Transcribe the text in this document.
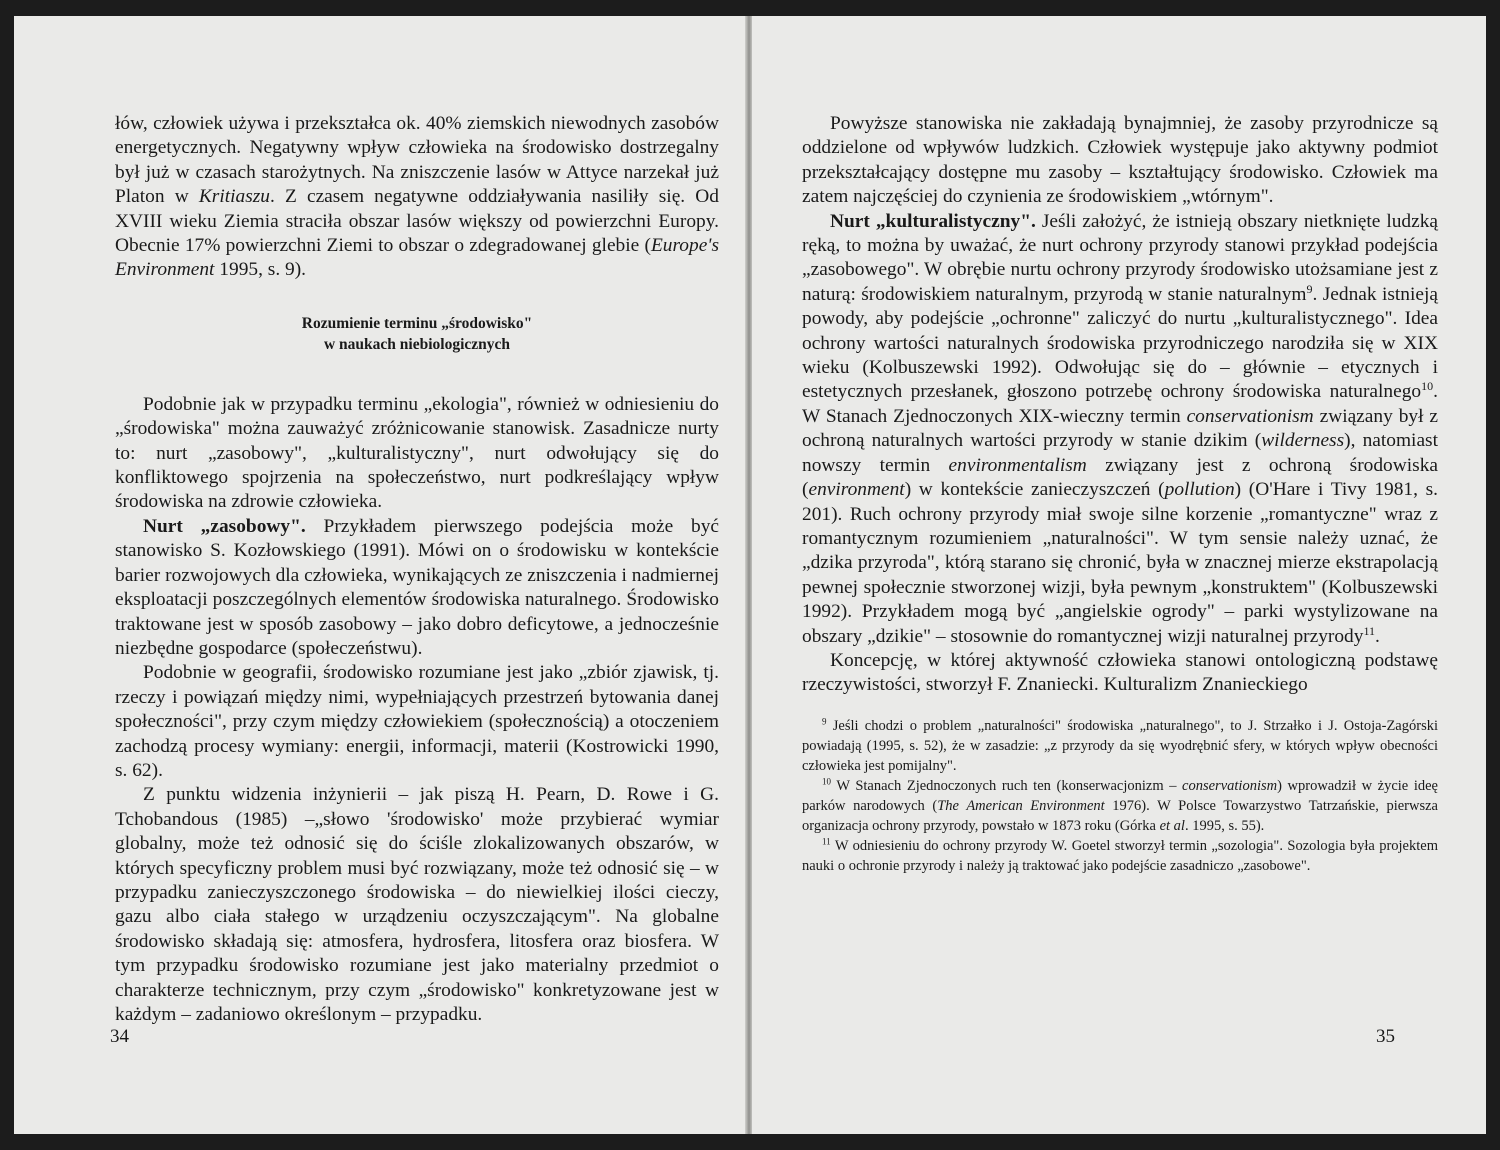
łów, człowiek używa i przekształca ok. 40% ziemskich niewodnych zasobów energetycznych. Negatywny wpływ człowieka na środowisko dostrzegalny był już w czasach starożytnych. Na zniszczenie lasów w Attyce narzekał już Platon w Kritiaszu. Z czasem negatywne oddziaływania nasiliły się. Od XVIII wieku Ziemia straciła obszar lasów większy od powierzchni Europy. Obecnie 17% powierzchni Ziemi to obszar o zdegradowanej glebie (Europe's Environment 1995, s. 9).

Rozumienie terminu „środowisko"
w naukach niebiologicznych

Podobnie jak w przypadku terminu „ekologia", również w odniesieniu do „środowiska" można zauważyć zróżnicowanie stanowisk. Zasadnicze nurty to: nurt „zasobowy", „kulturalistyczny", nurt odwołujący się do konfliktowego spojrzenia na społeczeństwo, nurt podkreślający wpływ środowiska na zdrowie człowieka.

Nurt „zasobowy". Przykładem pierwszego podejścia może być stanowisko S. Kozłowskiego (1991). Mówi on o środowisku w kontekście barier rozwojowych dla człowieka, wynikających ze zniszczenia i nadmiernej eksploatacji poszczególnych elementów środowiska naturalnego. Środowisko traktowane jest w sposób zasobowy – jako dobro deficytowe, a jednocześnie niezbędne gospodarce (społeczeństwu).

Podobnie w geografii, środowisko rozumiane jest jako „zbiór zjawisk, tj. rzeczy i powiązań między nimi, wypełniających przestrzeń bytowania danej społeczności", przy czym między człowiekiem (społecznością) a otoczeniem zachodzą procesy wymiany: energii, informacji, materii (Kostrowicki 1990, s. 62).

Z punktu widzenia inżynierii – jak piszą H. Pearn, D. Rowe i G. Tchobandous (1985) –„słowo 'środowisko' może przybierać wymiar globalny, może też odnosić się do ściśle zlokalizowanych obszarów, w których specyficzny problem musi być rozwiązany, może też odnosić się – w przypadku zanieczyszczonego środowiska – do niewielkiej ilości cieczy, gazu albo ciała stałego w urządzeniu oczyszczającym". Na globalne środowisko składają się: atmosfera, hydrosfera, litosfera oraz biosfera. W tym przypadku środowisko rozumiane jest jako materialny przedmiot o charakterze technicznym, przy czym „środowisko" konkretyzowane jest w każdym – zadaniowo określonym – przypadku.

34

Powyższe stanowiska nie zakładają bynajmniej, że zasoby przyrodnicze są oddzielone od wpływów ludzkich. Człowiek występuje jako aktywny podmiot przekształcający dostępne mu zasoby – kształtujący środowisko. Człowiek ma zatem najczęściej do czynienia ze środowiskiem „wtórnym".

Nurt „kulturalistyczny". Jeśli założyć, że istnieją obszary nietknięte ludzką ręką, to można by uważać, że nurt ochrony przyrody stanowi przykład podejścia „zasobowego". W obrębie nurtu ochrony przyrody środowisko utożsamiane jest z naturą: środowiskiem naturalnym, przyrodą w stanie naturalnym$^9$. Jednak istnieją powody, aby podejście „ochronne" zaliczyć do nurtu „kulturalistycznego". Idea ochrony wartości naturalnych środowiska przyrodniczego narodziła się w XIX wieku (Kolbuszewski 1992). Odwołując się do – głównie – etycznych i estetycznych przesłanek, głoszono potrzebę ochrony środowiska naturalnego$^{10}$. W Stanach Zjednoczonych XIX-wieczny termin conservationism związany był z ochroną naturalnych wartości przyrody w stanie dzikim (wilderness), natomiast nowszy termin environmentalism związany jest z ochroną środowiska (environment) w kontekście zanieczyszczeń (pollution) (O'Hare i Tivy 1981, s. 201). Ruch ochrony przyrody miał swoje silne korzenie „romantyczne" wraz z romantycznym rozumieniem „naturalności". W tym sensie należy uznać, że „dzika przyroda", którą starano się chronić, była w znacznej mierze ekstrapolacją pewnej społecznie stworzonej wizji, była pewnym „konstruktem" (Kolbuszewski 1992). Przykładem mogą być „angielskie ogrody" – parki wystylizowane na obszary „dzikie" – stosownie do romantycznej wizji naturalnej przyrody$^{11}$.

Koncepcję, w której aktywność człowieka stanowi ontologiczną podstawę rzeczywistości, stworzył F. Znaniecki. Kulturalizm Znanieckiego

$^9$ Jeśli chodzi o problem „naturalności" środowiska „naturalnego", to J. Strzałko i J. Ostoja-Zagórski powiadają (1995, s. 52), że w zasadzie: „z przyrody da się wyodrębnić sfery, w których wpływ obecności człowieka jest pomijalny".

$^{10}$ W Stanach Zjednoczonych ruch ten (konserwacjonizm – conservationism) wprowadził w życie ideę parków narodowych (The American Environment 1976). W Polsce Towarzystwo Tatrzańskie, pierwsza organizacja ochrony przyrody, powstało w 1873 roku (Górka et al. 1995, s. 55).

$^{11}$ W odniesieniu do ochrony przyrody W. Goetel stworzył termin „sozologia". Sozologia była projektem nauki o ochronie przyrody i należy ją traktować jako podejście zasadniczo „zasobowe".

35
